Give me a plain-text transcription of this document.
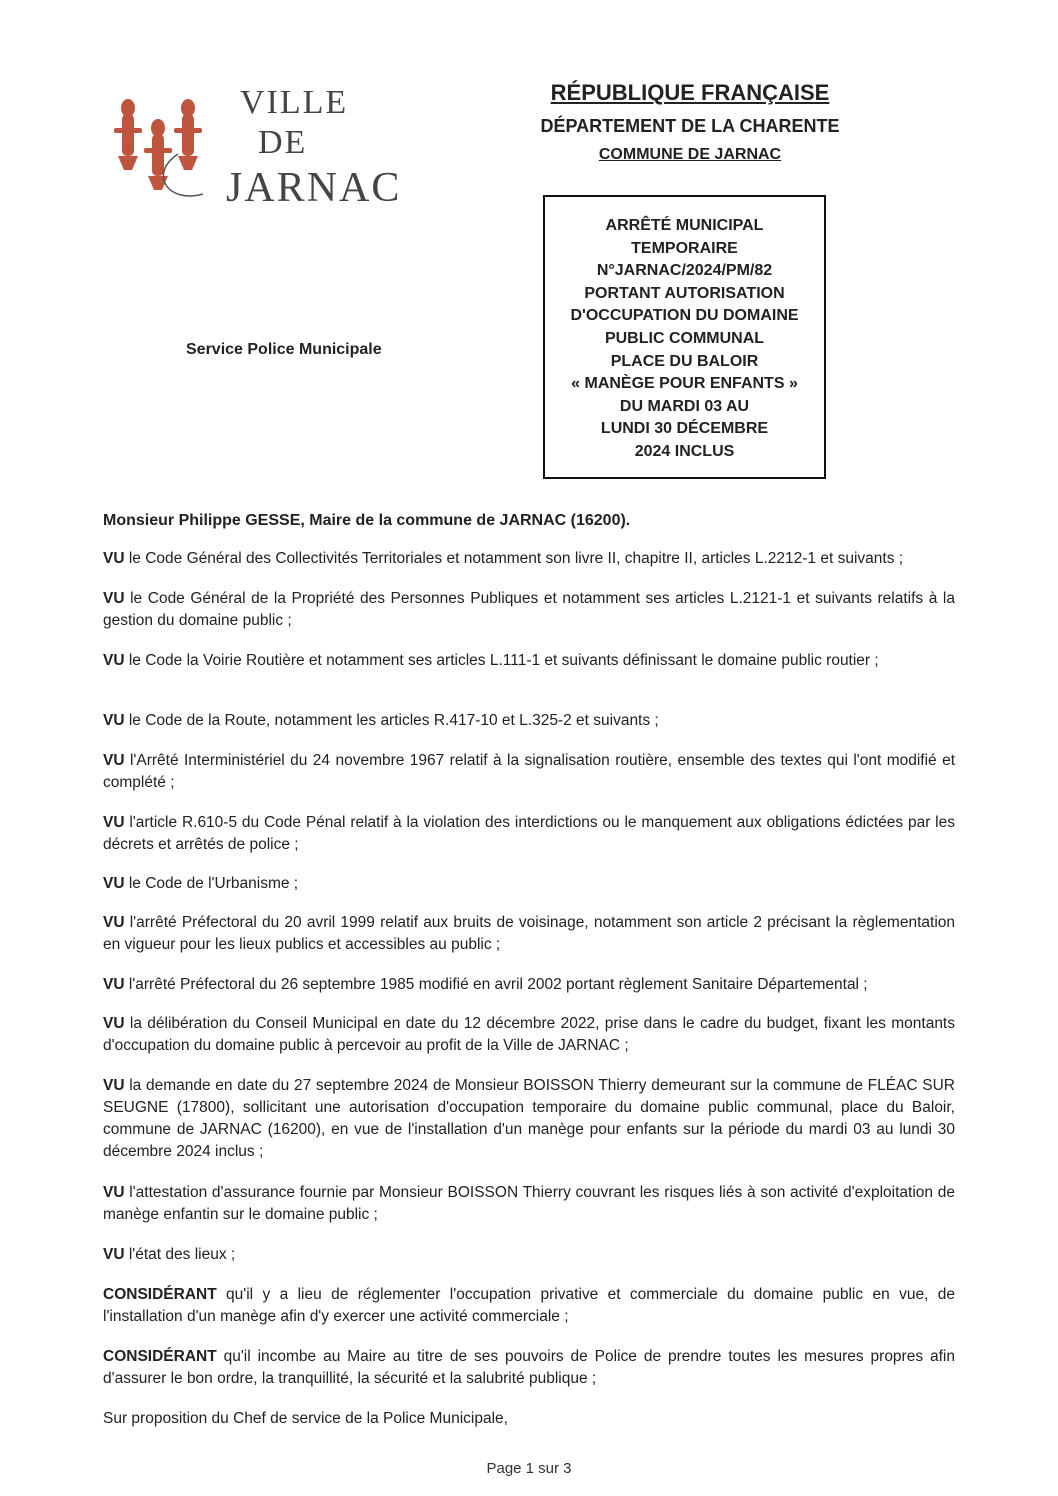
VILLE
DE
JARNAC
RÉPUBLIQUE FRANÇAISE
DÉPARTEMENT DE LA CHARENTE
COMMUNE DE JARNAC
ARRÊTÉ MUNICIPAL
TEMPORAIRE
N°JARNAC/2024/PM/82
PORTANT AUTORISATION
D'OCCUPATION DU DOMAINE
PUBLIC COMMUNAL
PLACE DU BALOIR
« MANÈGE POUR ENFANTS »
DU MARDI 03 AU
LUNDI 30 DÉCEMBRE
2024 INCLUS
Service Police Municipale

Monsieur Philippe GESSE, Maire de la commune de JARNAC (16200).

VU le Code Général des Collectivités Territoriales et notamment son livre II, chapitre II, articles L.2212-1 et suivants ;

VU le Code Général de la Propriété des Personnes Publiques et notamment ses articles L.2121-1 et suivants relatifs à la gestion du domaine public ;

VU le Code la Voirie Routière et notamment ses articles L.111-1 et suivants définissant le domaine public routier ;

VU le Code de la Route, notamment les articles R.417-10 et L.325-2 et suivants ;

VU l'Arrêté Interministériel du 24 novembre 1967 relatif à la signalisation routière, ensemble des textes qui l'ont modifié et complété ;

VU l'article R.610-5 du Code Pénal relatif à la violation des interdictions ou le manquement aux obligations édictées par les décrets et arrêtés de police ;

VU le Code de l'Urbanisme ;

VU l'arrêté Préfectoral du 20 avril 1999 relatif aux bruits de voisinage, notamment son article 2 précisant la règlementation en vigueur pour les lieux publics et accessibles au public ;

VU l'arrêté Préfectoral du 26 septembre 1985 modifié en avril 2002 portant règlement Sanitaire Départemental ;

VU la délibération du Conseil Municipal en date du 12 décembre 2022, prise dans le cadre du budget, fixant les montants d'occupation du domaine public à percevoir au profit de la Ville de JARNAC ;

VU la demande en date du 27 septembre 2024 de Monsieur BOISSON Thierry demeurant sur la commune de FLÉAC SUR SEUGNE (17800), sollicitant une autorisation d'occupation temporaire du domaine public communal, place du Baloir, commune de JARNAC (16200), en vue de l'installation d'un manège pour enfants sur la période du mardi 03 au lundi 30 décembre 2024 inclus ;

VU l'attestation d'assurance fournie par Monsieur BOISSON Thierry couvrant les risques liés à son activité d'exploitation de manège enfantin sur le domaine public ;

VU l'état des lieux ;

CONSIDÉRANT qu'il y a lieu de réglementer l'occupation privative et commerciale du domaine public en vue, de l'installation d'un manège afin d'y exercer une activité commerciale ;

CONSIDÉRANT qu'il incombe au Maire au titre de ses pouvoirs de Police de prendre toutes les mesures propres afin d'assurer le bon ordre, la tranquillité, la sécurité et la salubrité publique ;

Sur proposition du Chef de service de la Police Municipale,

Page 1 sur 3
